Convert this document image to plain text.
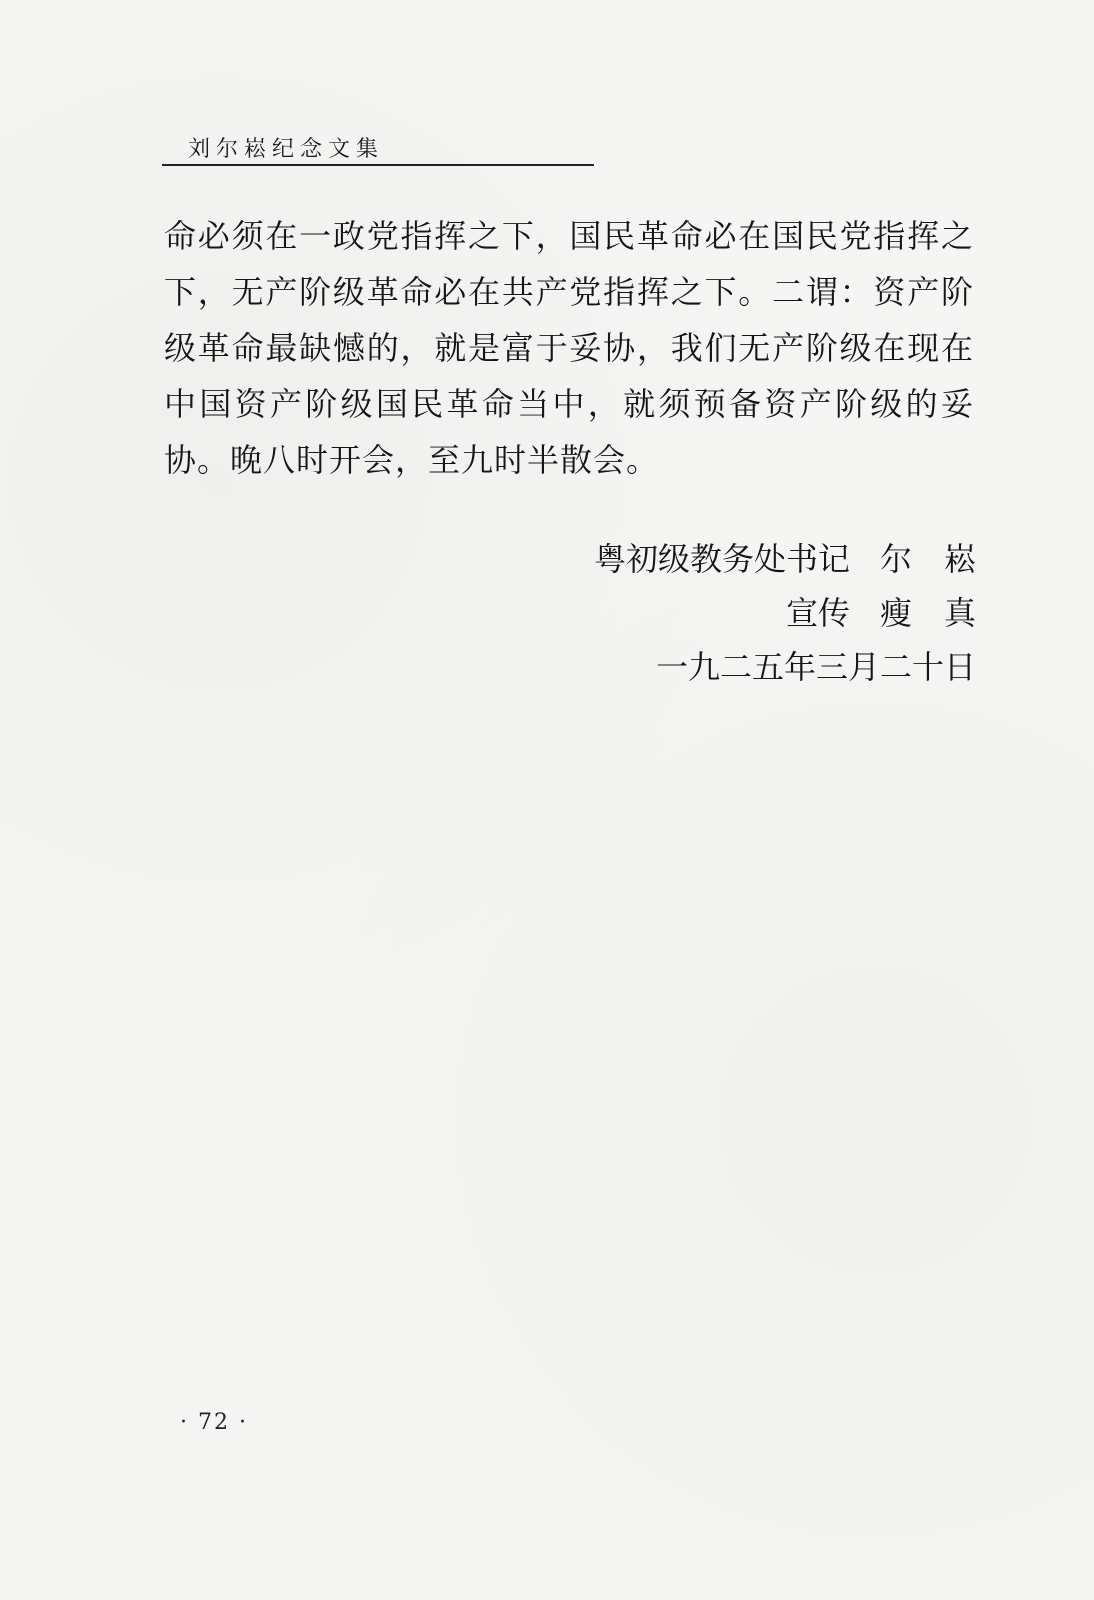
刘尔崧纪念文集

命必须在一政党指挥之下，国民革命必在国民党指挥之下，无产阶级革命必在共产党指挥之下。二谓：资产阶级革命最缺憾的，就是富于妥协，我们无产阶级在现在中国资产阶级国民革命当中，就须预备资产阶级的妥协。晚八时开会，至九时半散会。

粤初级教务处书记 尔　崧
宣传 瘦　真
一九二五年三月二十日
· 72 ·
